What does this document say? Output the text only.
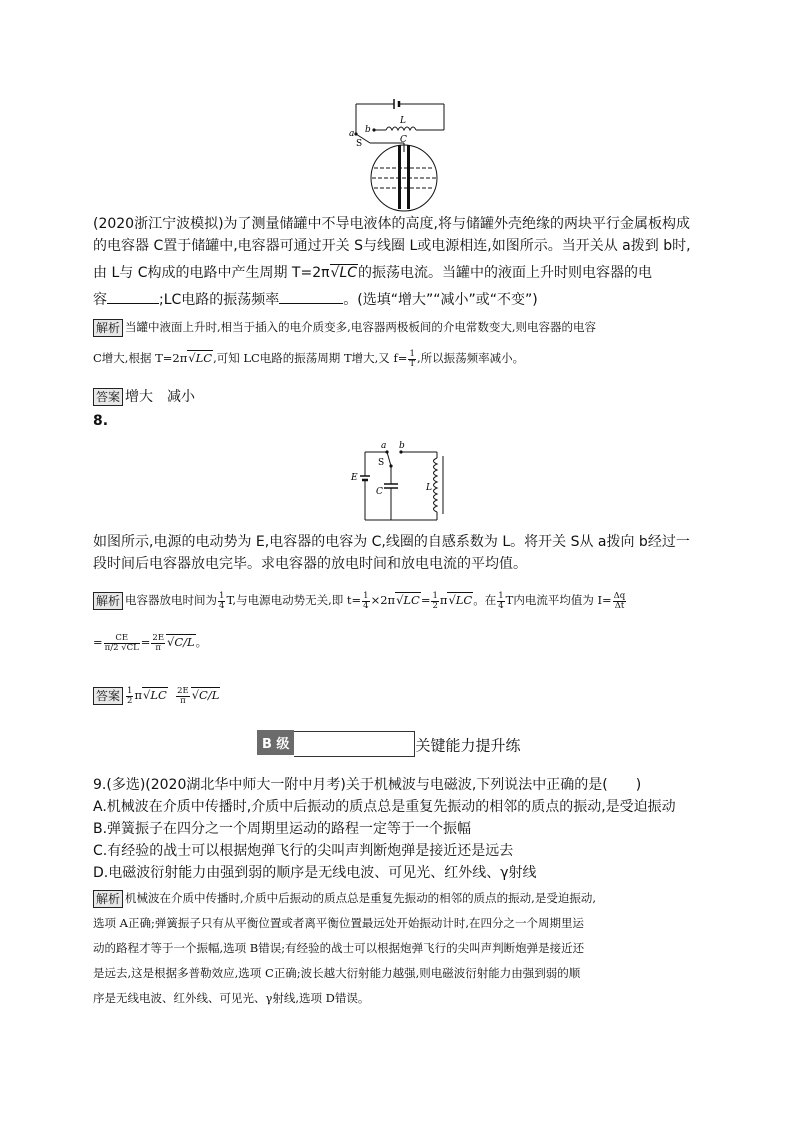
a b
S
L
C
(2020浙江宁波模拟)为了测量储罐中不导电液体的高度,将与储罐外壳绝缘的两块平行金属板构成
的电容器 C置于储罐中,电容器可通过开关 S与线圈 L或电源相连,如图所示。当开关从 a拨到 b时,
由 L与 C构成的电路中产生周期 T=2π√ LC的振荡电流。当罐中的液面上升时则电容器的电
容	;LC电路的振荡频率	。(选填“增大”“减小”或“不变”)
解析 当罐中液面上升时,相当于插入的电介质变多,电容器两极板间的介电常数变大,则电容器的电容
C增大,根据 T=2π√ LC,可知 LC电路的振荡周期 T增大,又 $f= \frac{1}{T}$ ,所以振荡频率减小。
答案 增大　减小
8.
a b
S
E
C	L
如图所示,电源的电动势为 E,电容器的电容为 C,线圈的自感系数为 L。将开关 S从 a拨向 b经过一
段时间后电容器放电完毕。求电容器的放电时间和放电电流的平均值。
解析 电容器放电时间为 $\frac{1}{4} T$,与电源电动势无关,即 $t= \frac{1}{4} \times 2\pi√$ $LC= \frac{1}{2} \pi√$ LC。在 $\frac{1}{4}$ T内电流平均值为 $I= \frac{\Delta q}{\Delta t}$
= $\frac{CE}{\pi/2 √CL} = \frac{2E}{\pi}$
√ C/L。
答案 $\frac{1}{2} \pi√$ LC $\frac{2E}{\pi}$
√ C/L
B 级	关键能力提升练
9.(多选)(2020湖北华中师大一附中月考)关于机械波与电磁波,下列说法中正确的是(　　)
A.机械波在介质中传播时,介质中后振动的质点总是重复先振动的相邻的质点的振动,是受迫振动
B.弹簧振子在四分之一个周期里运动的路程一定等于一个振幅
C.有经验的战士可以根据炮弹飞行的尖叫声判断炮弹是接近还是远去
D.电磁波衍射能力由强到弱的顺序是无线电波、可见光、红外线、γ射线
解析 机械波在介质中传播时,介质中后振动的质点总是重复先振动的相邻的质点的振动,是受迫振动,
选项 A正确;弹簧振子只有从平衡位置或者离平衡位置最远处开始振动计时,在四分之一个周期里运
动的路程才等于一个振幅,选项 B错误;有经验的战士可以根据炮弹飞行的尖叫声判断炮弹是接近还
是远去,这是根据多普勒效应,选项 C正确;波长越大衍射能力越强,则电磁波衍射能力由强到弱的顺
序是无线电波、红外线、可见光、γ射线,选项 D错误。
